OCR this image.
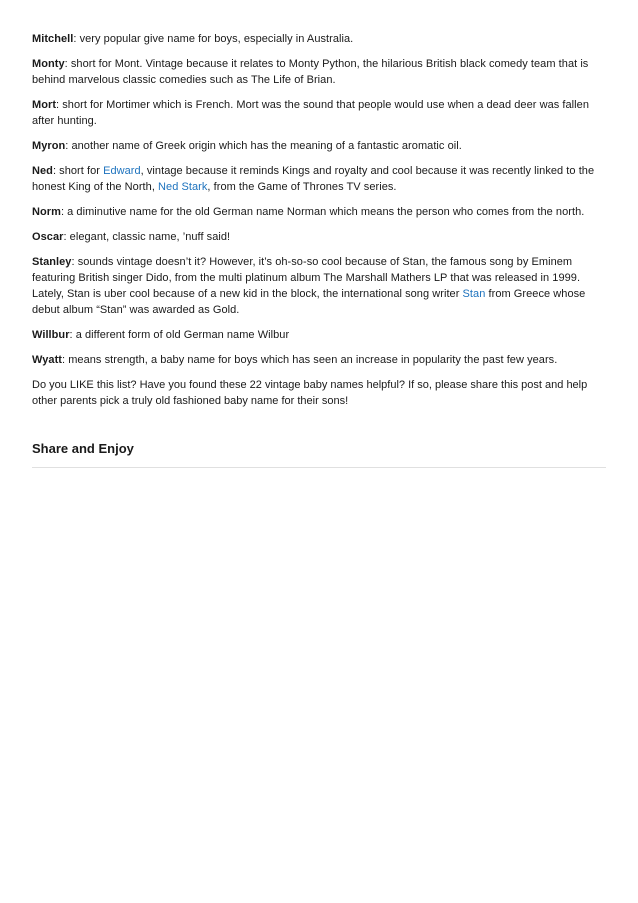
Mitchell: very popular give name for boys, especially in Australia.

Monty: short for Mont. Vintage because it relates to Monty Python, the hilarious British black comedy team that is behind marvelous classic comedies such as The Life of Brian.

Mort: short for Mortimer which is French. Mort was the sound that people would use when a dead deer was fallen after hunting.

Myron: another name of Greek origin which has the meaning of a fantastic aromatic oil.

Ned: short for Edward, vintage because it reminds Kings and royalty and cool because it was recently linked to the honest King of the North, Ned Stark, from the Game of Thrones TV series.

Norm: a diminutive name for the old German name Norman which means the person who comes from the north.

Oscar: elegant, classic name, ’nuff said!

Stanley: sounds vintage doesn’t it? However, it’s oh-so-so cool because of Stan, the famous song by Eminem featuring British singer Dido, from the multi platinum album The Marshall Mathers LP that was released in 1999. Lately, Stan is uber cool because of a new kid in the block, the international song writer Stan from Greece whose debut album “Stan” was awarded as Gold.

Willbur: a different form of old German name Wilbur

Wyatt: means strength, a baby name for boys which has seen an increase in popularity the past few years.

Do you LIKE this list? Have you found these 22 vintage baby names helpful? If so, please share this post and help other parents pick a truly old fashioned baby name for their sons!

Share and Enjoy
